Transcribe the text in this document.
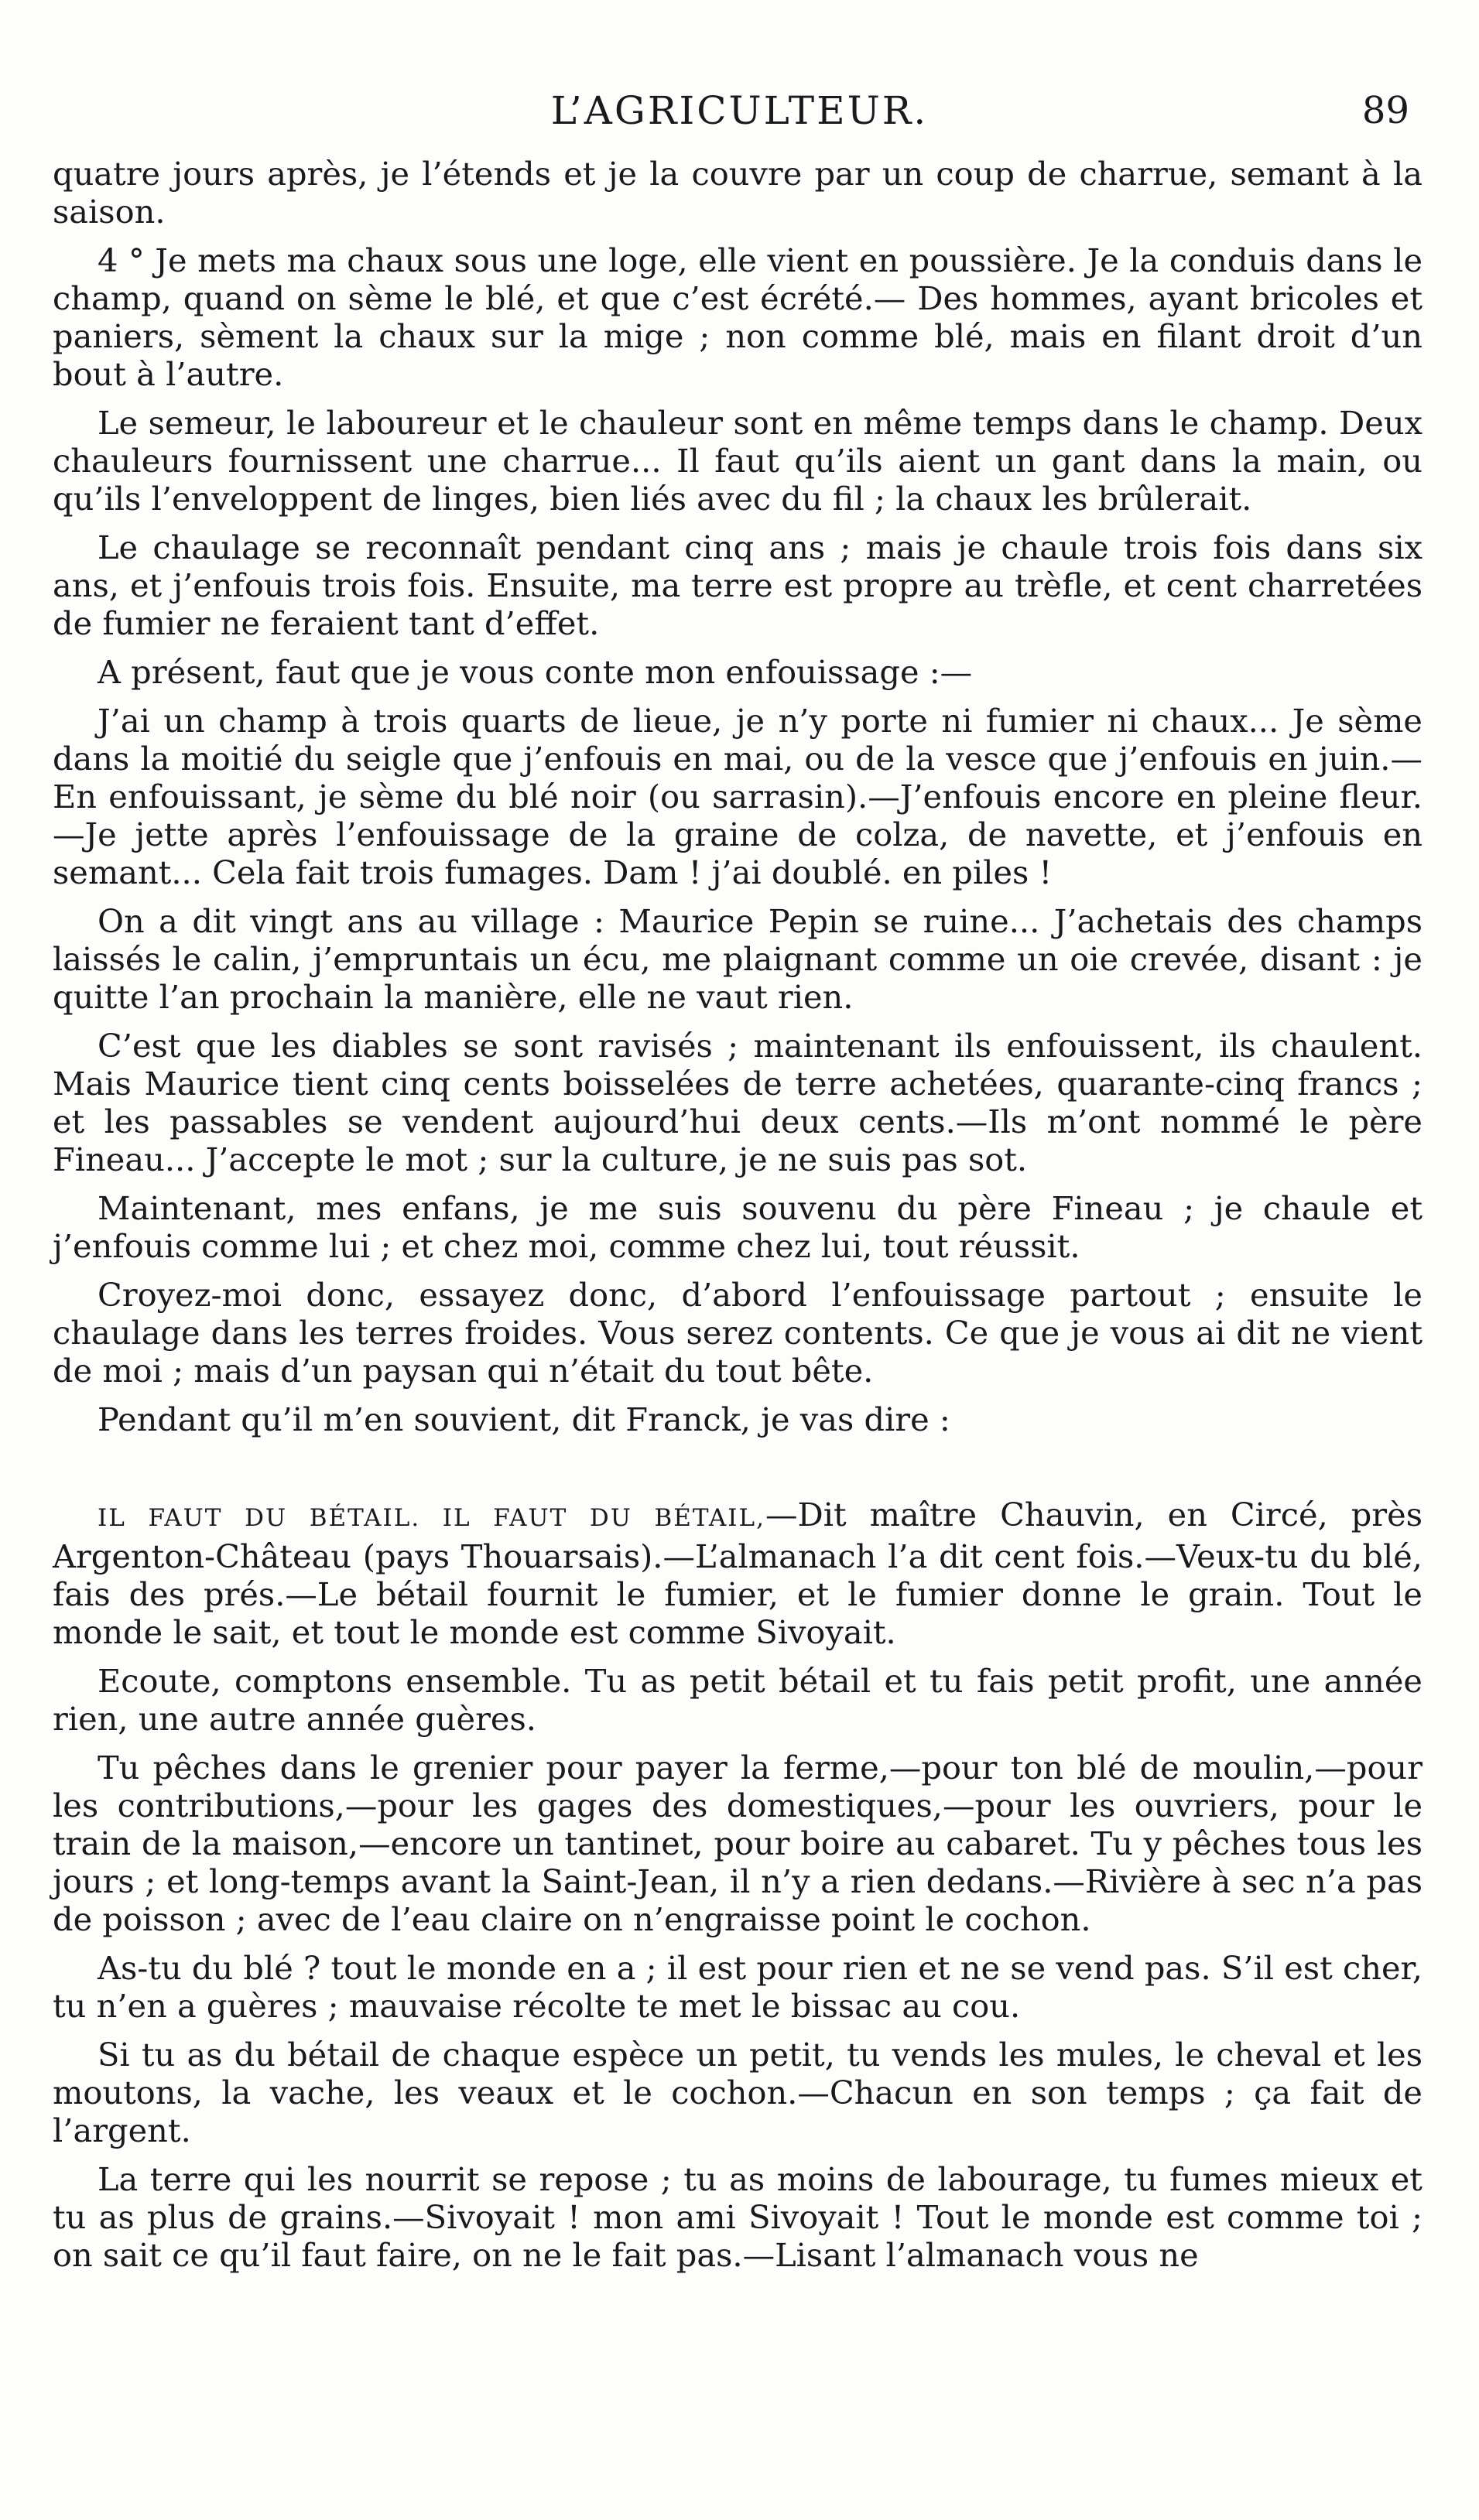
L’AGRICULTEUR.	89

quatre jours après, je l’étends et je la couvre par un coup de charrue, semant à la saison.

4 ° Je mets ma chaux sous une loge, elle vient en poussière. Je la conduis dans le champ, quand on sème le blé, et que c’est écrété.— Des hommes, ayant bricoles et paniers, sèment la chaux sur la mige ; non comme blé, mais en filant droit d’un bout à l’autre.

Le semeur, le laboureur et le chauleur sont en même temps dans le champ. Deux chauleurs fournissent une charrue... Il faut qu’ils aient un gant dans la main, ou qu’ils l’enveloppent de linges, bien liés avec du fil ; la chaux les brûlerait.

Le chaulage se reconnaît pendant cinq ans ; mais je chaule trois fois dans six ans, et j’enfouis trois fois. Ensuite, ma terre est propre au trèfle, et cent charretées de fumier ne feraient tant d’effet.

A présent, faut que je vous conte mon enfouissage :—

J’ai un champ à trois quarts de lieue, je n’y porte ni fumier ni chaux... Je sème dans la moitié du seigle que j’enfouis en mai, ou de la vesce que j’enfouis en juin.—En enfouissant, je sème du blé noir (ou sarrasin).—J’enfouis encore en pleine fleur.—Je jette après l’enfouissage de la graine de colza, de navette, et j’enfouis en semant... Cela fait trois fumages. Dam ! j’ai doublé. en piles !

On a dit vingt ans au village : Maurice Pepin se ruine... J’achetais des champs laissés le calin, j’empruntais un écu, me plaignant comme un oie crevée, disant : je quitte l’an prochain la manière, elle ne vaut rien.

C’est que les diables se sont ravisés ; maintenant ils enfouissent, ils chaulent. Mais Maurice tient cinq cents boisselées de terre achetées, quarante-cinq francs ; et les passables se vendent aujourd’hui deux cents.—Ils m’ont nommé le père Fineau... J’accepte le mot ; sur la culture, je ne suis pas sot.

Maintenant, mes enfans, je me suis souvenu du père Fineau ; je chaule et j’enfouis comme lui ; et chez moi, comme chez lui, tout réussit.

Croyez-moi donc, essayez donc, d’abord l’enfouissage partout ; ensuite le chaulage dans les terres froides. Vous serez contents. Ce que je vous ai dit ne vient de moi ; mais d’un paysan qui n’était du tout bête.

Pendant qu’il m’en souvient, dit Franck, je vas dire :

IL FAUT DU BÉTAIL. IL FAUT DU BÉTAIL,—Dit maître Chauvin, en Circé, près Argenton-Château (pays Thouarsais).—L’almanach l’a dit cent fois.—Veux-tu du blé, fais des prés.—Le bétail fournit le fumier, et le fumier donne le grain. Tout le monde le sait, et tout le monde est comme Sivoyait.

Ecoute, comptons ensemble. Tu as petit bétail et tu fais petit profit, une année rien, une autre année guères.

Tu pêches dans le grenier pour payer la ferme,—pour ton blé de moulin,—pour les contributions,—pour les gages des domestiques,—pour les ouvriers, pour le train de la maison,—encore un tantinet, pour boire au cabaret. Tu y pêches tous les jours ; et long-temps avant la Saint-Jean, il n’y a rien dedans.—Rivière à sec n’a pas de poisson ; avec de l’eau claire on n’engraisse point le cochon.

As-tu du blé ? tout le monde en a ; il est pour rien et ne se vend pas. S’il est cher, tu n’en a guères ; mauvaise récolte te met le bissac au cou.

Si tu as du bétail de chaque espèce un petit, tu vends les mules, le cheval et les moutons, la vache, les veaux et le cochon.—Chacun en son temps ; ça fait de l’argent.

La terre qui les nourrit se repose ; tu as moins de labourage, tu fumes mieux et tu as plus de grains.—Sivoyait ! mon ami Sivoyait ! Tout le monde est comme toi ; on sait ce qu’il faut faire, on ne le fait pas.—Lisant l’almanach vous ne
